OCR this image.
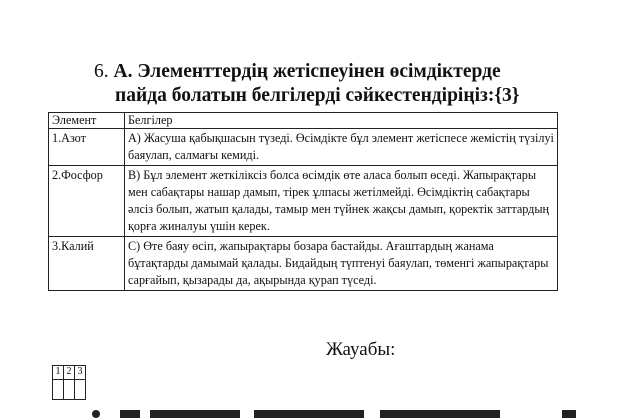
6. А. Элементтердің жетіспеуінен өсімдіктерде
пайда болатын белгілерді сәйкестендіріңіз:{3}
Элемент	Белгілер
1.Азот	А) Жасуша қабықшасын түзеді. Өсімдікте бұл элемент жетіспесе жемістің түзілуі баяулап, салмағы кемиді.
2.Фосфор	В) Бұл элемент жеткіліксіз болса өсімдік өте аласа болып өседі. Жапырақтары мен сабақтары нашар дамып, тірек ұлпасы жетілмейді. Өсімдіктің сабақтары әлсіз болып, жатып қалады, тамыр мен түйнек жақсы дамып, қоректік заттардың қорға жиналуы үшін керек.
3.Калий	С) Өте баяу өсіп, жапырақтары бозара бастайды. Ағаштардың жанама бұтақтарды дамымай қалады. Бидайдың түптенуі баяулап, төменгі жапырақтары сарғайып, қызарады да, ақырында қурап түседі.
Жауабы:
1	2	3
